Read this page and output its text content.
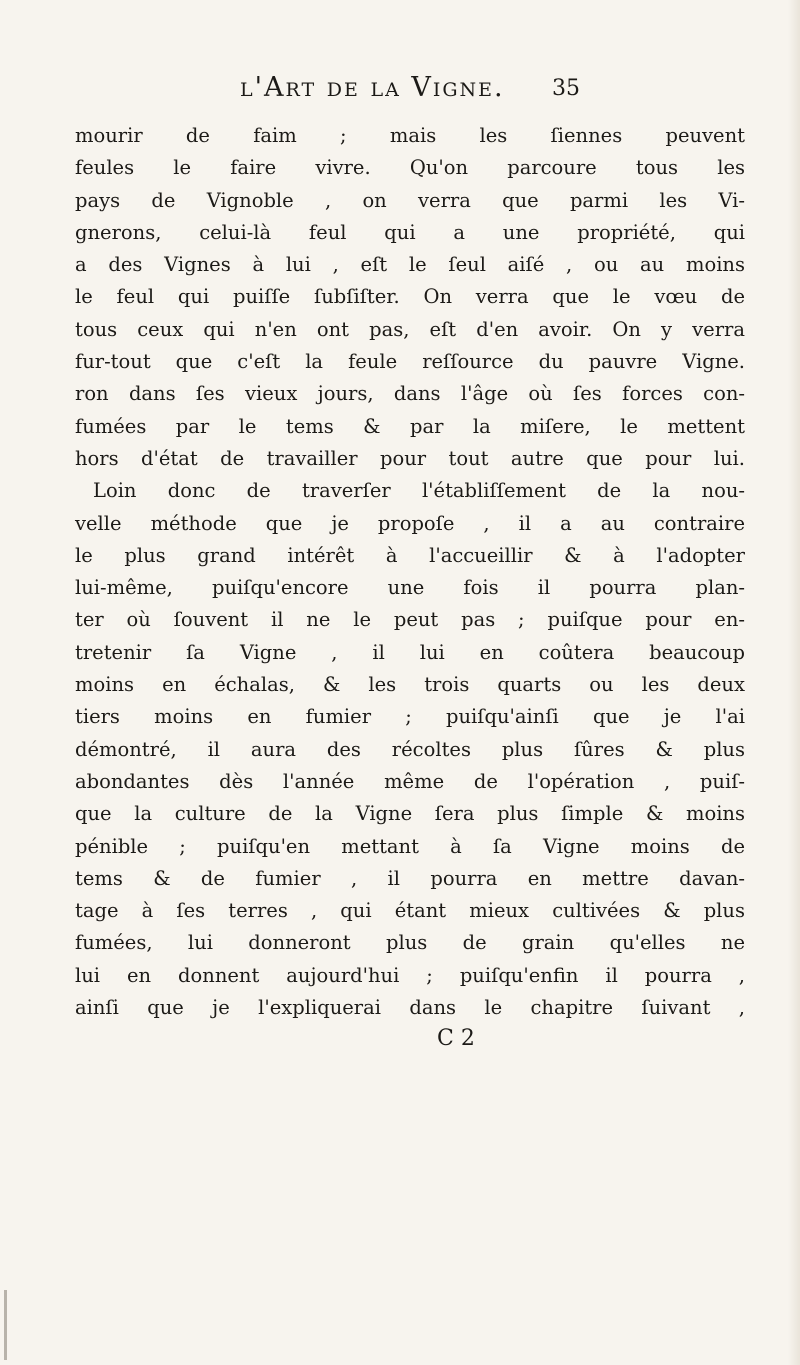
l'Art de la Vigne. 35
mourir de faim ; mais les ſiennes peuvent
feules le faire vivre. Qu'on parcoure tous les
pays de Vignoble , on verra que parmi les Vi-
gnerons, celui-là feul qui a une propriété, qui
a des Vignes à lui , eſt le ſeul aiſé , ou au moins
le feul qui puiſſe ſubſiſter. On verra que le vœu de
tous ceux qui n'en ont pas, eſt d'en avoir. On y verra
fur-tout que c'eſt la feule reſſource du pauvre Vigne.
ron dans ſes vieux jours, dans l'âge où ſes forces con-
fumées par le tems & par la miſere, le mettent
hors d'état de travailler pour tout autre que pour lui.
Loin donc de traverſer l'établiſſement de la nou-
velle méthode que je propoſe , il a au contraire
le plus grand intérêt à l'accueillir & à l'adopter
lui-même, puiſqu'encore une fois il pourra plan-
ter où ſouvent il ne le peut pas ; puiſque pour en-
tretenir ſa Vigne , il lui en coûtera beaucoup
moins en échalas, & les trois quarts ou les deux
tiers moins en fumier ; puiſqu'ainſi que je l'ai
démontré, il aura des récoltes plus ſûres & plus
abondantes dès l'année même de l'opération , puiſ-
que la culture de la Vigne ſera plus ſimple & moins
pénible ; puiſqu'en mettant à ſa Vigne moins de
tems & de fumier , il pourra en mettre davan-
tage à ſes terres , qui étant mieux cultivées & plus
fumées, lui donneront plus de grain qu'elles ne
lui en donnent aujourd'hui ; puiſqu'enfin il pourra ,
ainſi que je l'expliquerai dans le chapitre ſuivant ,
C 2
